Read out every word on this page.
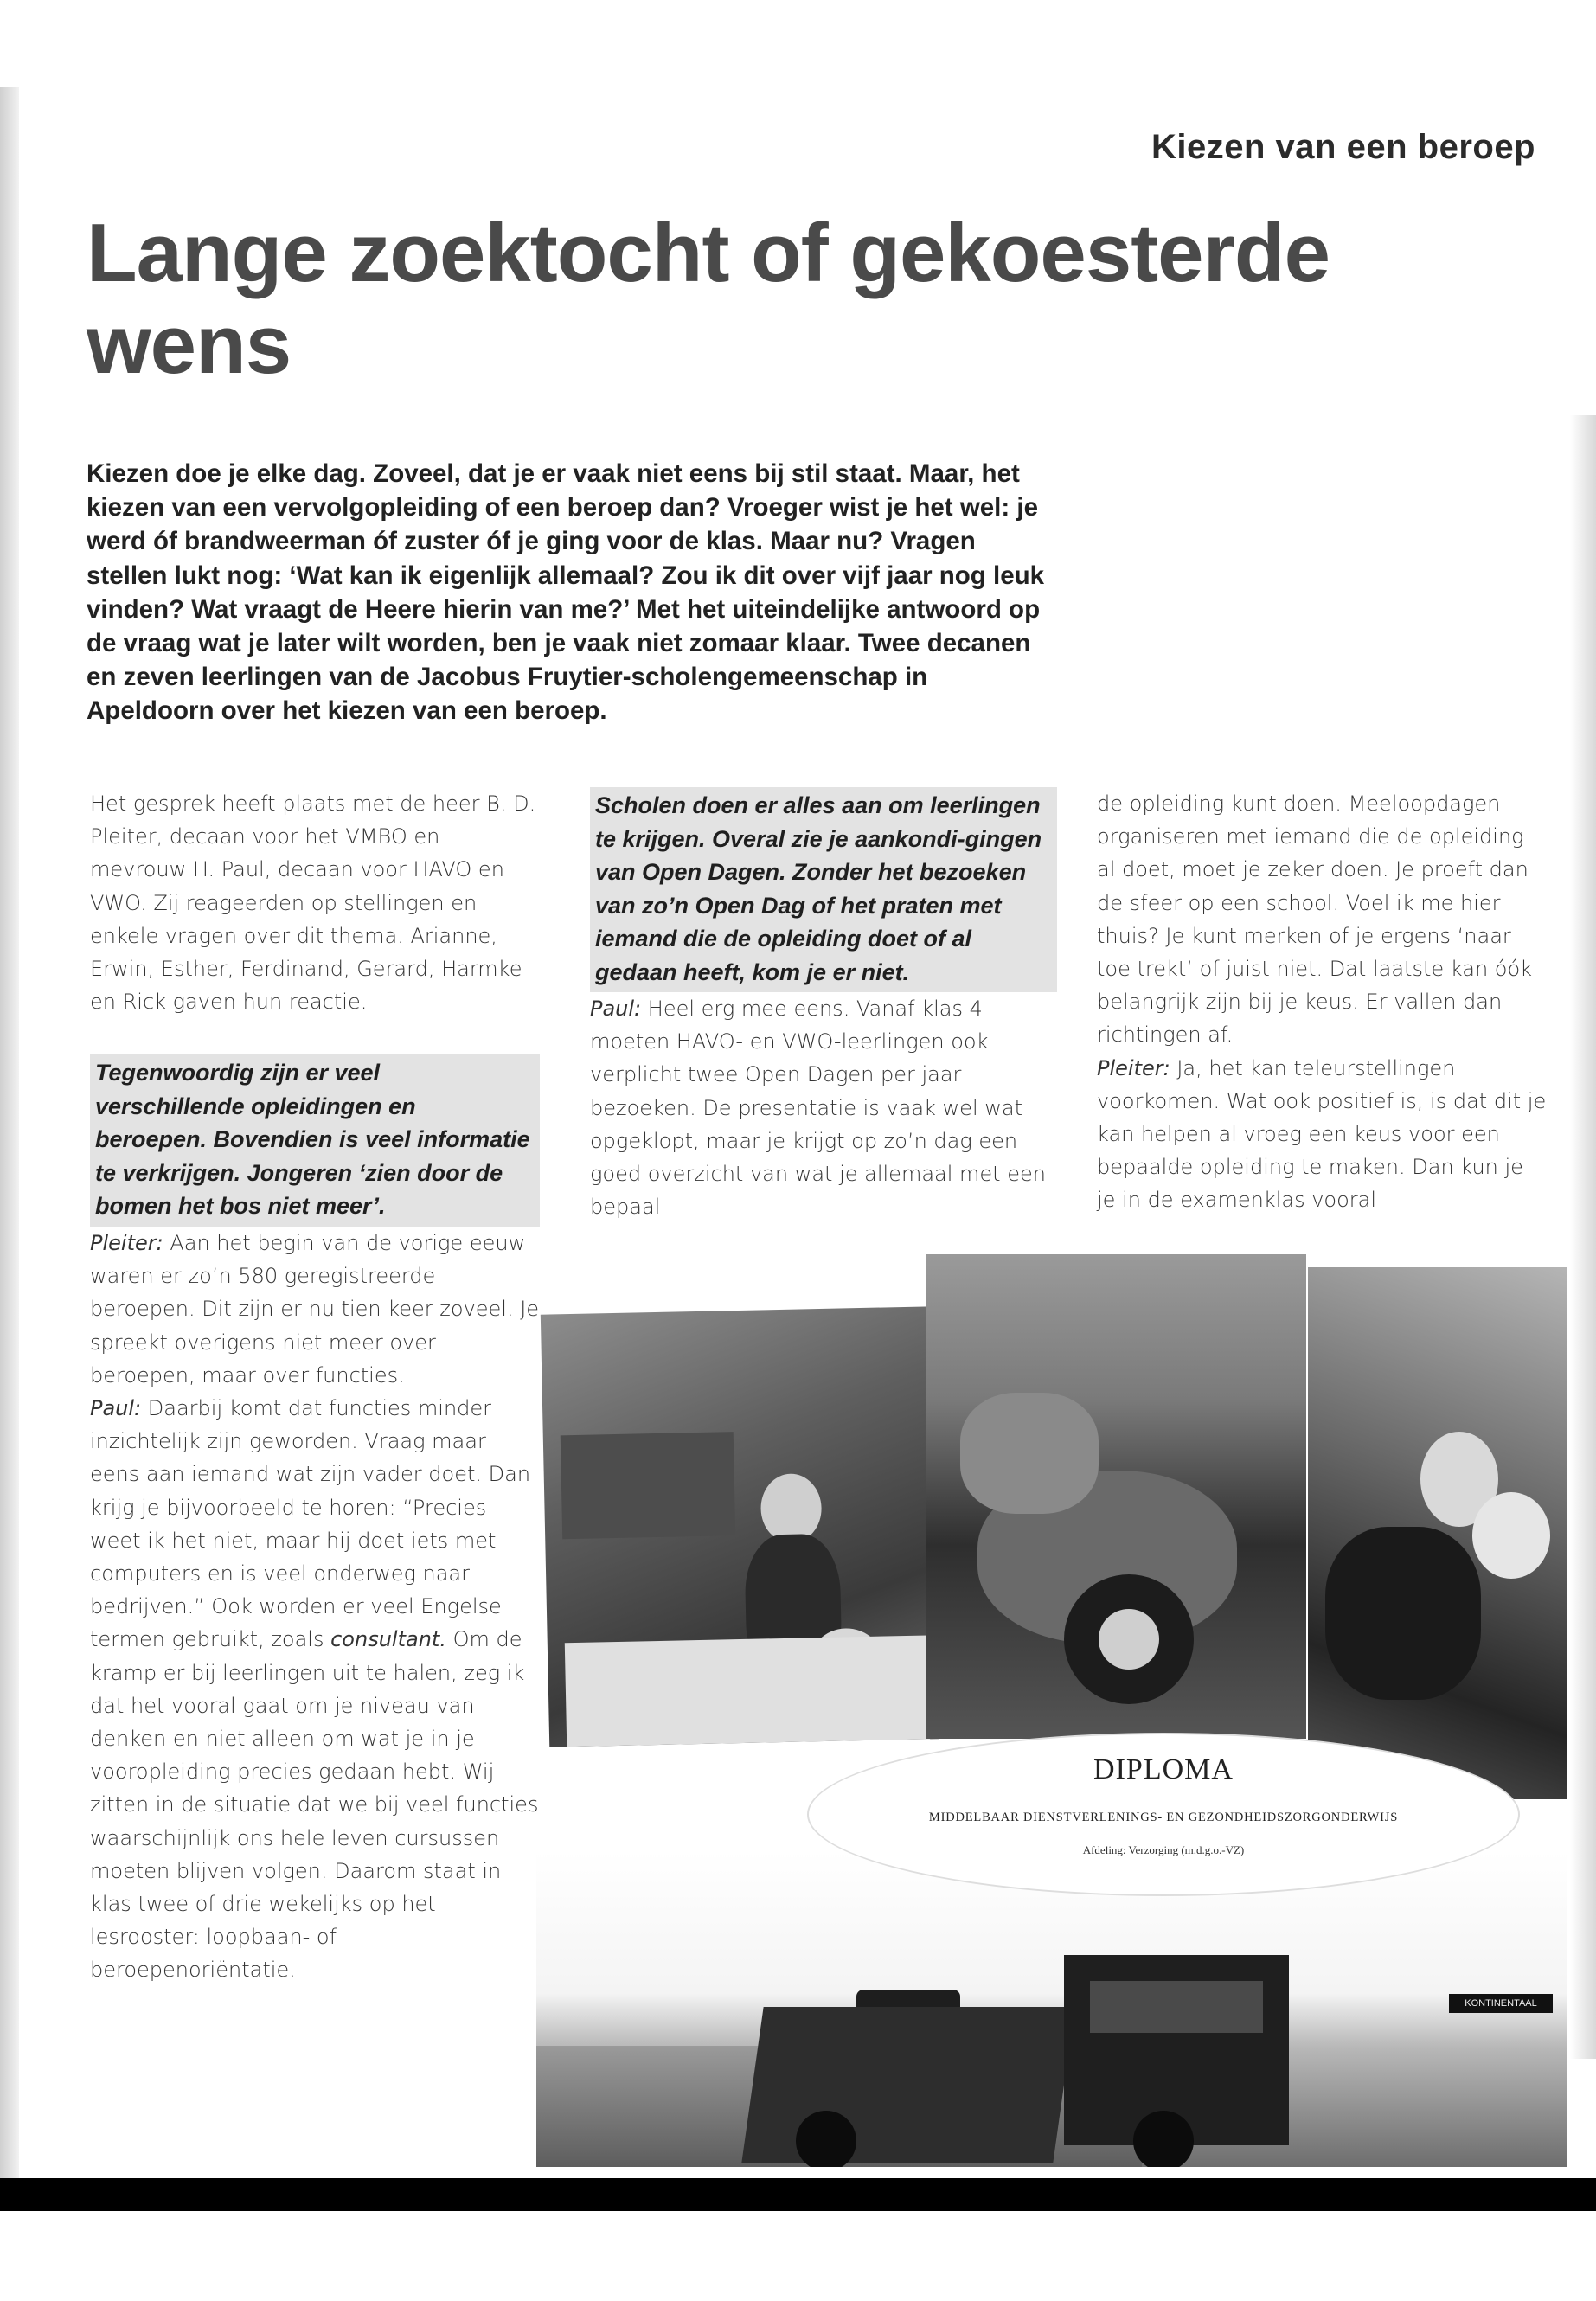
Kiezen van een beroep
Lange zoektocht of gekoesterde wens

Kiezen doe je elke dag. Zoveel, dat je er vaak niet eens bij stil staat. Maar, het kiezen van een vervolgopleiding of een beroep dan? Vroeger wist je het wel: je werd óf brandweerman óf zuster óf je ging voor de klas. Maar nu? Vragen stellen lukt nog: ‘Wat kan ik eigenlijk allemaal? Zou ik dit over vijf jaar nog leuk vinden? Wat vraagt de Heere hierin van me?’ Met het uiteindelijke antwoord op de vraag wat je later wilt worden, ben je vaak niet zomaar klaar. Twee decanen en zeven leerlingen van de Jacobus Fruytier-scholengemeenschap in Apeldoorn over het kiezen van een beroep.

Het gesprek heeft plaats met de heer B. D. Pleiter, decaan voor het VMBO en mevrouw H. Paul, decaan voor HAVO en VWO. Zij reageerden op stellingen en enkele vragen over dit thema. Arianne, Erwin, Esther, Ferdinand, Gerard, Harmke en Rick gaven hun reactie.

Tegenwoordig zijn er veel verschillende opleidingen en beroepen. Bovendien is veel informatie te verkrijgen. Jongeren ‘zien door de bomen het bos niet meer’.

Pleiter: Aan het begin van de vorige eeuw waren er zo’n 580 geregistreerde beroepen. Dit zijn er nu tien keer zoveel. Je spreekt overigens niet meer over beroepen, maar over functies.

Paul: Daarbij komt dat functies minder inzichtelijk zijn geworden. Vraag maar eens aan iemand wat zijn vader doet. Dan krijg je bijvoorbeeld te horen: “Precies weet ik het niet, maar hij doet iets met computers en is veel onderweg naar bedrijven.” Ook worden er veel Engelse termen gebruikt, zoals consultant. Om de kramp er bij leerlingen uit te halen, zeg ik dat het vooral gaat om je niveau van denken en niet alleen om wat je in je vooropleiding precies gedaan hebt. Wij zitten in de situatie dat we bij veel functies waarschijnlijk ons hele leven cursussen moeten blijven volgen. Daarom staat in klas twee of drie wekelijks op het lesrooster: loopbaan- of beroepenoriëntatie.

Scholen doen er alles aan om leerlingen te krijgen. Overal zie je aankondi-gingen van Open Dagen. Zonder het bezoeken van zo’n Open Dag of het praten met iemand die de opleiding doet of al gedaan heeft, kom je er niet.

Paul: Heel erg mee eens. Vanaf klas 4 moeten HAVO- en VWO-leerlingen ook verplicht twee Open Dagen per jaar bezoeken. De presentatie is vaak wel wat opgeklopt, maar je krijgt op zo’n dag een goed overzicht van wat je allemaal met een bepaal-

de opleiding kunt doen. Meeloopdagen organiseren met iemand die de opleiding al doet, moet je zeker doen. Je proeft dan de sfeer op een school. Voel ik me hier thuis? Je kunt merken of je ergens ‘naar toe trekt’ of juist niet. Dat laatste kan óók belangrijk zijn bij je keus. Er vallen dan richtingen af.

Pleiter: Ja, het kan teleurstellingen voorkomen. Wat ook positief is, is dat dit je kan helpen al vroeg een keus voor een bepaalde opleiding te maken. Dan kun je je in de examenklas vooral

KONTINENTAAL
DIPLOMA
MIDDELBAAR DIENSTVERLENINGS- EN GEZONDHEIDSZORGONDERWIJS
Afdeling: Verzorging (m.d.g.o.-VZ)
